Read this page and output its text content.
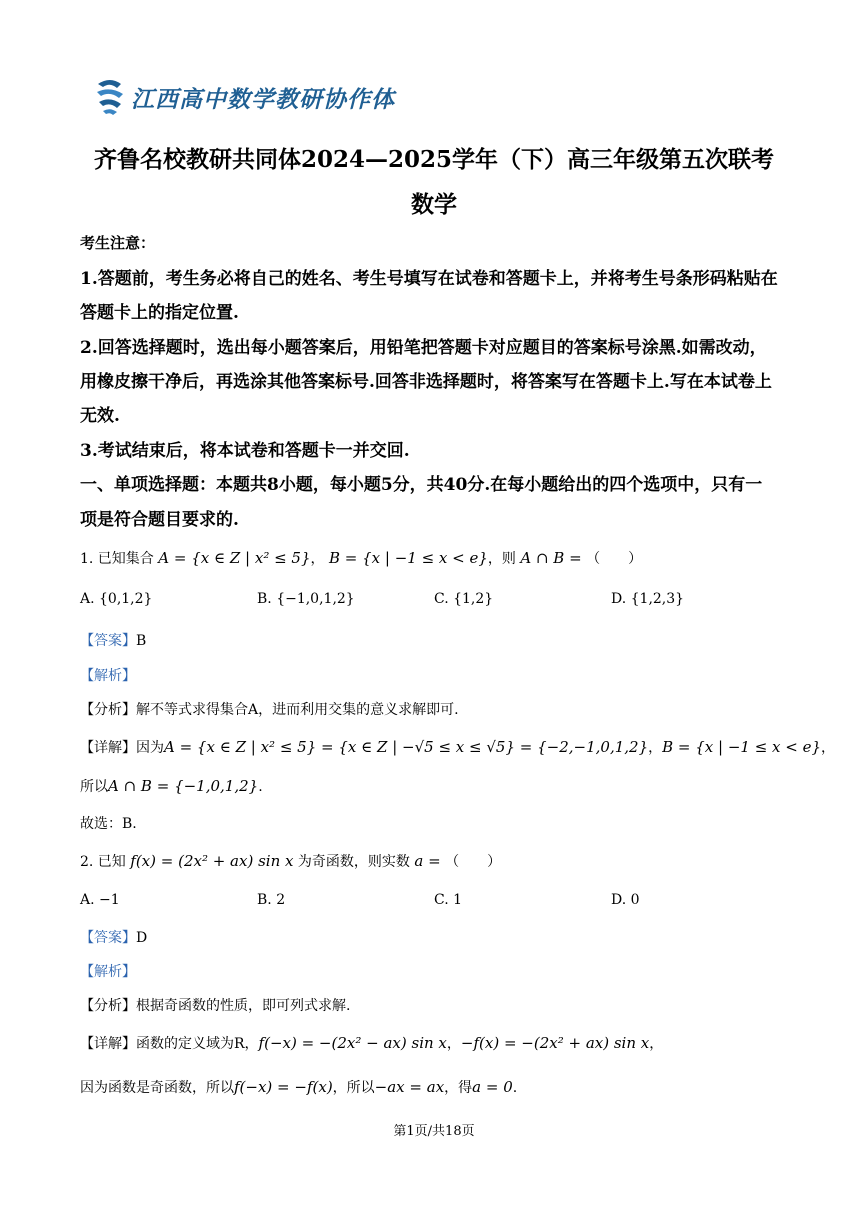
江西高中数学教研协作体
齐鲁名校教研共同体2024—2025学年（下）高三年级第五次联考
数学
考生注意：
1.答题前，考生务必将自己的姓名、考生号填写在试卷和答题卡上，并将考生号条形码粘贴在
答题卡上的指定位置.
2.回答选择题时，选出每小题答案后，用铅笔把答题卡对应题目的答案标号涂黑.如需改动，
用橡皮擦干净后，再选涂其他答案标号.回答非选择题时，将答案写在答题卡上.写在本试卷上
无效.
3.考试结束后，将本试卷和答题卡一并交回.
一、单项选择题：本题共8小题，每小题5分，共40分.在每小题给出的四个选项中，只有一
项是符合题目要求的.
1. 已知集合 A = {x ∈ Z | x² ≤ 5}， B = {x | −1 ≤ x < e}，则 A ∩ B = （　　）
A. {0,1,2}	B. {−1,0,1,2}	C. {1,2}	D. {1,2,3}
【答案】B
【解析】
【分析】解不等式求得集合A，进而利用交集的意义求解即可.
【详解】因为A = {x ∈ Z | x² ≤ 5} = {x ∈ Z | −√5 ≤ x ≤ √5} = {−2,−1,0,1,2}，B = {x | −1 ≤ x < e}，
所以A ∩ B = {−1,0,1,2}.
故选：B.
2. 已知 f(x) = (2x² + ax) sin x 为奇函数，则实数 a = （　　）
A. −1	B. 2	C. 1	D. 0
【答案】D
【解析】
【分析】根据奇函数的性质，即可列式求解.
【详解】函数的定义域为R，f(−x) = −(2x² − ax) sin x，−f(x) = −(2x² + ax) sin x，
因为函数是奇函数，所以f(−x) = −f(x)，所以−ax = ax，得a = 0.
第1页/共18页
